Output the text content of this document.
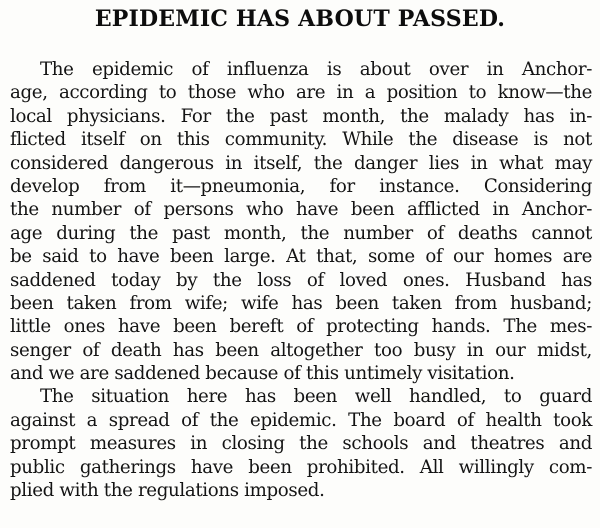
EPIDEMIC HAS ABOUT PASSED.
The epidemic of influenza is about over in Anchor-
age, according to those who are in a position to know—the
local physicians. For the past month, the malady has in-
flicted itself on this community. While the disease is not
considered dangerous in itself, the danger lies in what may
develop from it—pneumonia, for instance. Considering
the number of persons who have been afflicted in Anchor-
age during the past month, the number of deaths cannot
be said to have been large. At that, some of our homes are
saddened today by the loss of loved ones. Husband has
been taken from wife; wife has been taken from husband;
little ones have been bereft of protecting hands. The mes-
senger of death has been altogether too busy in our midst,
and we are saddened because of this untimely visitation.
The situation here has been well handled, to guard
against a spread of the epidemic. The board of health took
prompt measures in closing the schools and theatres and
public gatherings have been prohibited. All willingly com-
plied with the regulations imposed.
